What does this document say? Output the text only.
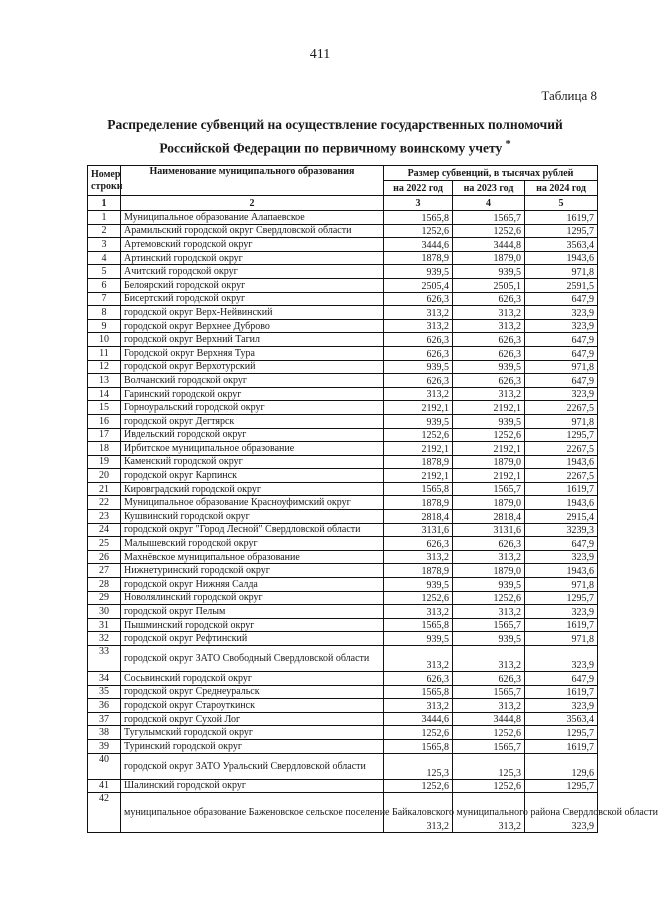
411
Таблица 8
Распределение субвенций на осуществление государственных полномочий
Российской Федерации по первичному воинскому учету *
Номер строки	Наименование муниципального образования	Размер субвенций, в тысячах рублей		
		на 2022 год	на 2023 год	на 2024 год
1	2	3	4	5
1	Муниципальное образование Алапаевское	1565,8	1565,7	1619,7
2	Арамильский городской округ Свердловской области	1252,6	1252,6	1295,7
3	Артемовский городской округ	3444,6	3444,8	3563,4
4	Артинский городской округ	1878,9	1879,0	1943,6
5	Ачитский городской округ	939,5	939,5	971,8
6	Белоярский городской округ	2505,4	2505,1	2591,5
7	Бисертский городской округ	626,3	626,3	647,9
8	городской округ Верх-Нейвинский	313,2	313,2	323,9
9	городской округ Верхнее Дуброво	313,2	313,2	323,9
10	городской округ Верхний Тагил	626,3	626,3	647,9
11	Городской округ Верхняя Тура	626,3	626,3	647,9
12	городской округ Верхотурский	939,5	939,5	971,8
13	Волчанский городской округ	626,3	626,3	647,9
14	Гаринский городской округ	313,2	313,2	323,9
15	Горноуральский городской округ	2192,1	2192,1	2267,5
16	городской округ Дегтярск	939,5	939,5	971,8
17	Ивдельский городской округ	1252,6	1252,6	1295,7
18	Ирбитское муниципальное образование	2192,1	2192,1	2267,5
19	Каменский городской округ	1878,9	1879,0	1943,6
20	городской округ Карпинск	2192,1	2192,1	2267,5
21	Кировградский городской округ	1565,8	1565,7	1619,7
22	Муниципальное образование Красноуфимский округ	1878,9	1879,0	1943,6
23	Кушвинский городской округ	2818,4	2818,4	2915,4
24	городской округ "Город Лесной" Свердловской области	3131,6	3131,6	3239,3
25	Малышевский городской округ	626,3	626,3	647,9
26	Махнёвское муниципальное образование	313,2	313,2	323,9
27	Нижнетуринский городской округ	1878,9	1879,0	1943,6
28	городской округ Нижняя Салда	939,5	939,5	971,8
29	Новолялинский городской округ	1252,6	1252,6	1295,7
30	городской округ Пелым	313,2	313,2	323,9
31	Пышминский городской округ	1565,8	1565,7	1619,7
32	городской округ Рефтинский	939,5	939,5	971,8
33	городской округ ЗАТО Свободный Свердловской области	313,2	313,2	323,9
34	Сосьвинский городской округ	626,3	626,3	647,9
35	городской округ Среднеуральск	1565,8	1565,7	1619,7
36	городской округ Староуткинск	313,2	313,2	323,9
37	городской округ Сухой Лог	3444,6	3444,8	3563,4
38	Тугулымский городской округ	1252,6	1252,6	1295,7
39	Туринский городской округ	1565,8	1565,7	1619,7
40	городской округ ЗАТО Уральский Свердловской области	125,3	125,3	129,6
41	Шалинский городской округ	1252,6	1252,6	1295,7
42	муниципальное образование Баженовское сельское поселение Байкаловского муниципального района Свердловской области	313,2	313,2	323,9
